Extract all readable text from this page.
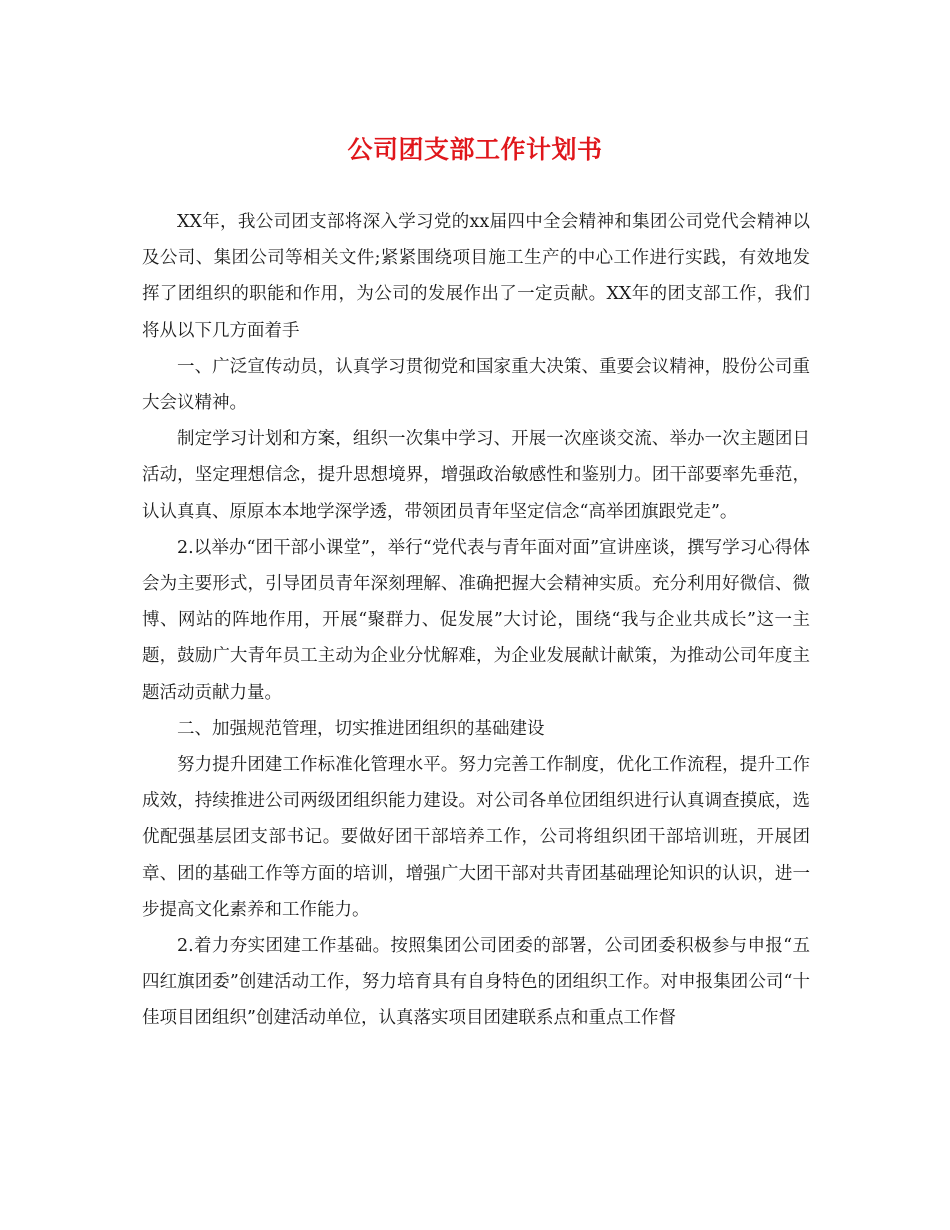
公司团支部工作计划书

XX年，我公司团支部将深入学习党的xx届四中全会精神和集团公司党代会精神以及公司、集团公司等相关文件;紧紧围绕项目施工生产的中心工作进行实践，有效地发挥了团组织的职能和作用，为公司的发展作出了一定贡献。XX年的团支部工作，我们将从以下几方面着手

一、广泛宣传动员，认真学习贯彻党和国家重大决策、重要会议精神，股份公司重大会议精神。

制定学习计划和方案，组织一次集中学习、开展一次座谈交流、举办一次主题团日活动，坚定理想信念，提升思想境界，增强政治敏感性和鉴别力。团干部要率先垂范，认认真真、原原本本地学深学透，带领团员青年坚定信念“高举团旗跟党走”。

2.以举办“团干部小课堂”，举行“党代表与青年面对面”宣讲座谈，撰写学习心得体会为主要形式，引导团员青年深刻理解、准确把握大会精神实质。充分利用好微信、微博、网站的阵地作用，开展“聚群力、促发展”大讨论，围绕“我与企业共成长”这一主题，鼓励广大青年员工主动为企业分忧解难，为企业发展献计献策，为推动公司年度主题活动贡献力量。

二、加强规范管理，切实推进团组织的基础建设

努力提升团建工作标准化管理水平。努力完善工作制度，优化工作流程，提升工作成效，持续推进公司两级团组织能力建设。对公司各单位团组织进行认真调查摸底，选优配强基层团支部书记。要做好团干部培养工作，公司将组织团干部培训班，开展团章、团的基础工作等方面的培训，增强广大团干部对共青团基础理论知识的认识，进一步提高文化素养和工作能力。

2.着力夯实团建工作基础。按照集团公司团委的部署，公司团委积极参与申报“五四红旗团委”创建活动工作，努力培育具有自身特色的团组织工作。对申报集团公司“十佳项目团组织”创建活动单位，认真落实项目团建联系点和重点工作督
